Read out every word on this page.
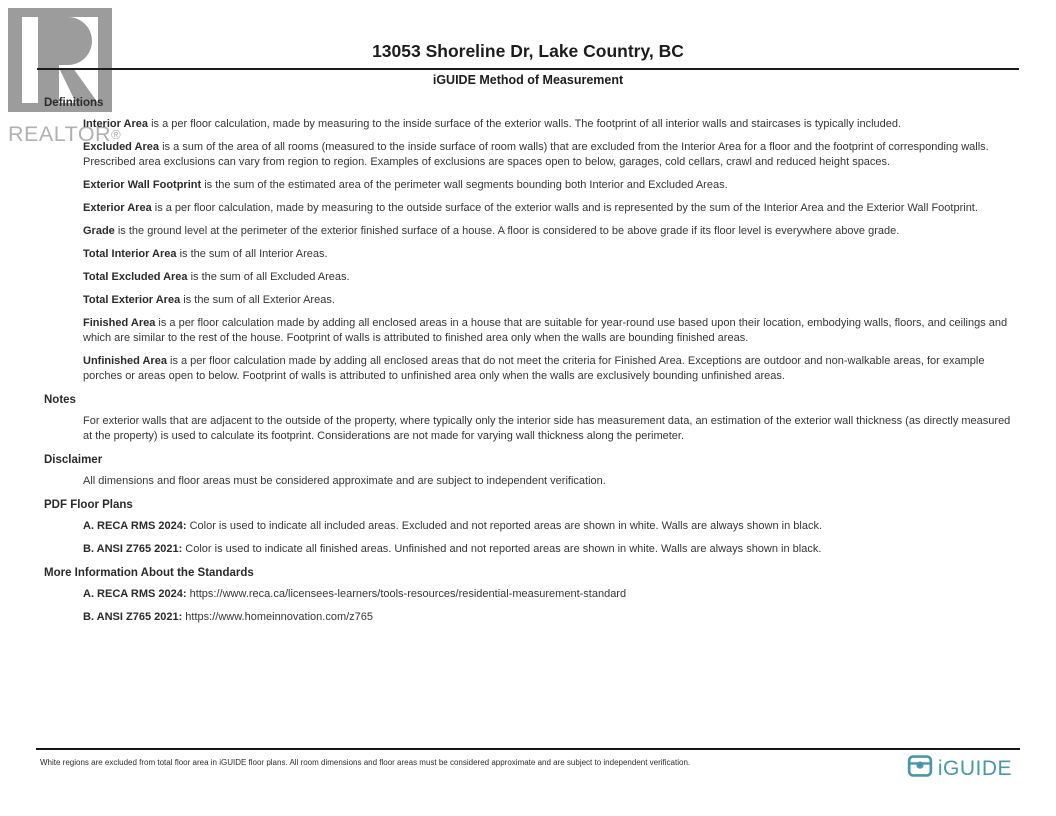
REALTOR®
13053 Shoreline Dr, Lake Country, BC
iGUIDE Method of Measurement
Definitions

Interior Area is a per floor calculation, made by measuring to the inside surface of the exterior walls. The footprint of all interior walls and staircases is typically included.

Excluded Area is a sum of the area of all rooms (measured to the inside surface of room walls) that are excluded from the Interior Area for a floor and the footprint of corresponding walls. Prescribed area exclusions can vary from region to region. Examples of exclusions are spaces open to below, garages, cold cellars, crawl and reduced height spaces.

Exterior Wall Footprint is the sum of the estimated area of the perimeter wall segments bounding both Interior and Excluded Areas.

Exterior Area is a per floor calculation, made by measuring to the outside surface of the exterior walls and is represented by the sum of the Interior Area and the Exterior Wall Footprint.

Grade is the ground level at the perimeter of the exterior finished surface of a house. A floor is considered to be above grade if its floor level is everywhere above grade.

Total Interior Area is the sum of all Interior Areas.

Total Excluded Area is the sum of all Excluded Areas.

Total Exterior Area is the sum of all Exterior Areas.

Finished Area is a per floor calculation made by adding all enclosed areas in a house that are suitable for year-round use based upon their location, embodying walls, floors, and ceilings and which are similar to the rest of the house. Footprint of walls is attributed to finished area only when the walls are bounding finished areas.

Unfinished Area is a per floor calculation made by adding all enclosed areas that do not meet the criteria for Finished Area. Exceptions are outdoor and non-walkable areas, for example porches or areas open to below. Footprint of walls is attributed to unfinished area only when the walls are exclusively bounding unfinished areas.

Notes

For exterior walls that are adjacent to the outside of the property, where typically only the interior side has measurement data, an estimation of the exterior wall thickness (as directly measured at the property) is used to calculate its footprint. Considerations are not made for varying wall thickness along the perimeter.

Disclaimer

All dimensions and floor areas must be considered approximate and are subject to independent verification.

PDF Floor Plans

A. RECA RMS 2024: Color is used to indicate all included areas. Excluded and not reported areas are shown in white. Walls are always shown in black.

B. ANSI Z765 2021: Color is used to indicate all finished areas. Unfinished and not reported areas are shown in white. Walls are always shown in black.

More Information About the Standards

A. RECA RMS 2024: https://www.reca.ca/licensees-learners/tools-resources/residential-measurement-standard

B. ANSI Z765 2021: https://www.homeinnovation.com/z765

White regions are excluded from total floor area in iGUIDE floor plans. All room dimensions and floor areas must be considered approximate and are subject to independent verification.	iGUIDE
